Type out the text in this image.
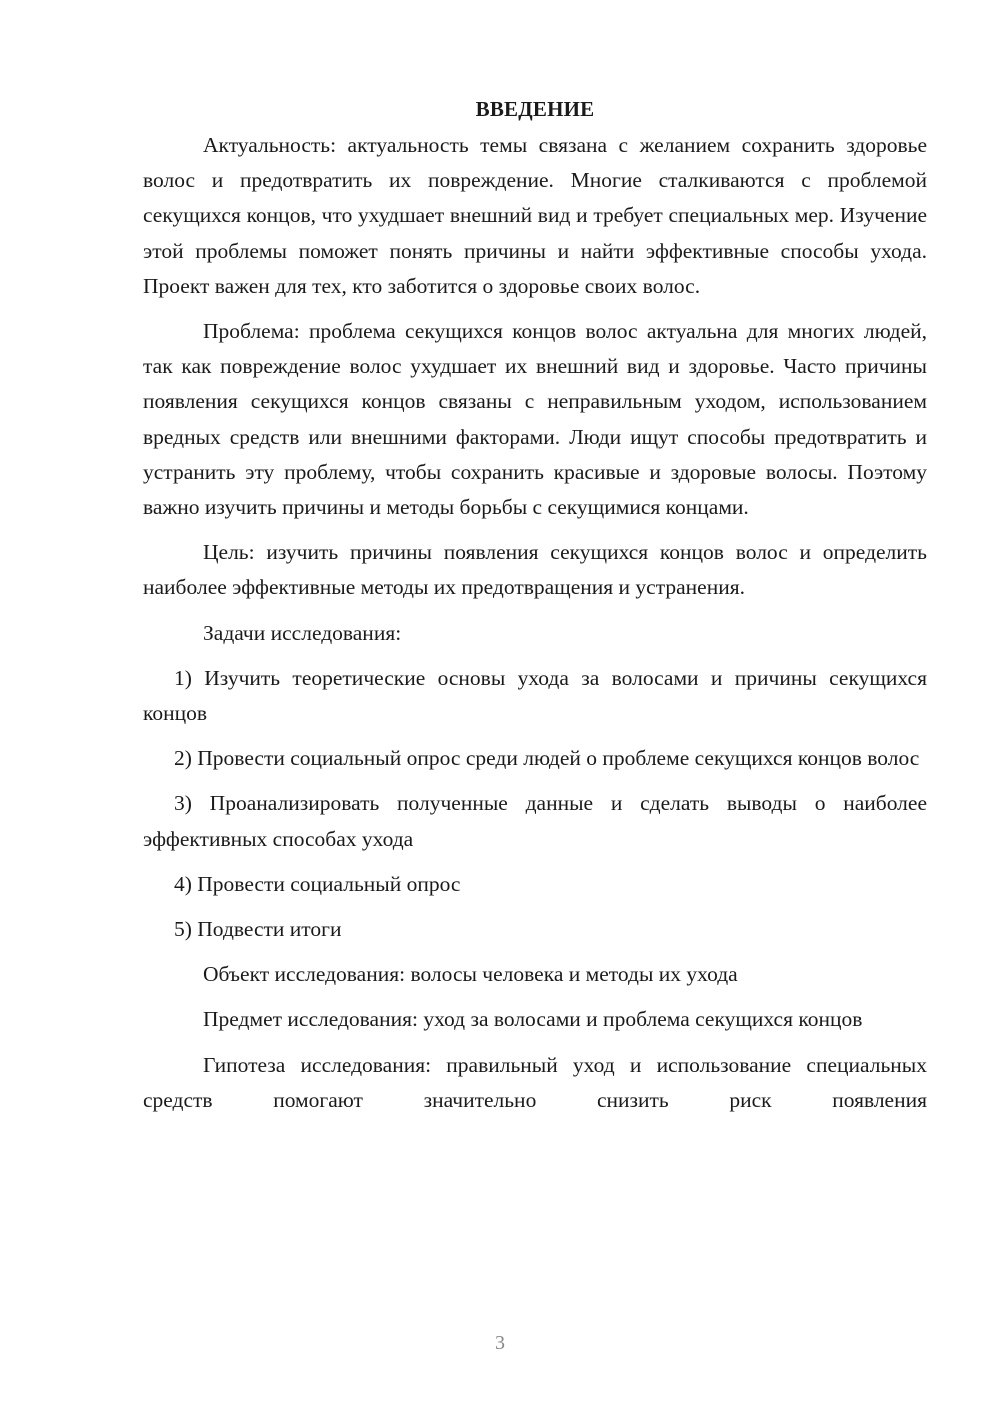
ВВЕДЕНИЕ

Актуальность: актуальность темы связана с желанием сохранить здоровье волос и предотвратить их повреждение. Многие сталкиваются с проблемой секущихся концов, что ухудшает внешний вид и требует специальных мер. Изучение этой проблемы поможет понять причины и найти эффективные способы ухода. Проект важен для тех, кто заботится о здоровье своих волос.

Проблема: проблема секущихся концов волос актуальна для многих людей, так как повреждение волос ухудшает их внешний вид и здоровье. Часто причины появления секущихся концов связаны с неправильным уходом, использованием вредных средств или внешними факторами. Люди ищут способы предотвратить и устранить эту проблему, чтобы сохранить красивые и здоровые волосы. Поэтому важно изучить причины и методы борьбы с секущимися концами.

Цель: изучить причины появления секущихся концов волос и определить наиболее эффективные методы их предотвращения и устранения.

Задачи исследования:

1) Изучить теоретические основы ухода за волосами и причины секущихся концов

2) Провести социальный опрос среди людей о проблеме секущихся концов волос

3) Проанализировать полученные данные и сделать выводы о наиболее эффективных способах ухода

4) Провести социальный опрос

5) Подвести итоги

Объект исследования: волосы человека и методы их ухода

Предмет исследования: уход за волосами и проблема секущихся концов

Гипотеза исследования: правильный уход и использование специальных средств помогают значительно снизить риск появления

3
